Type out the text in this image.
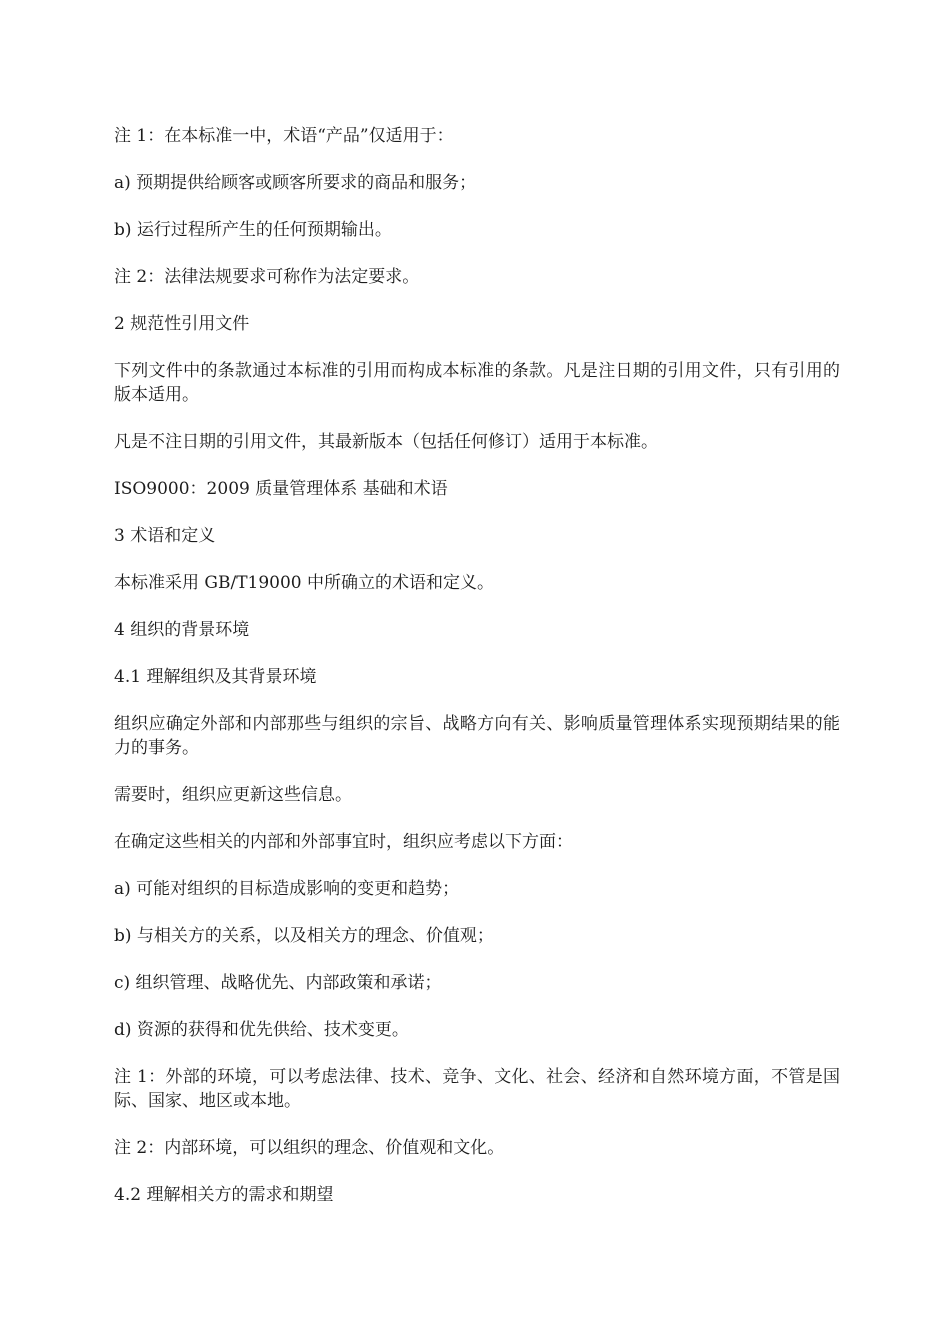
注 1：在本标准一中，术语“产品”仅适用于：

a) 预期提供给顾客或顾客所要求的商品和服务；

b) 运行过程所产生的任何预期输出。

注 2：法律法规要求可称作为法定要求。

2 规范性引用文件

下列文件中的条款通过本标准的引用而构成本标准的条款。凡是注日期的引用文件，只有引用的版本适用。

凡是不注日期的引用文件，其最新版本（包括任何修订）适用于本标准。

ISO9000：2009 质量管理体系 基础和术语

3 术语和定义

本标准采用 GB/T19000 中所确立的术语和定义。

4 组织的背景环境

4.1 理解组织及其背景环境

组织应确定外部和内部那些与组织的宗旨、战略方向有关、影响质量管理体系实现预期结果的能力的事务。

需要时，组织应更新这些信息。

在确定这些相关的内部和外部事宜时，组织应考虑以下方面：

a) 可能对组织的目标造成影响的变更和趋势；

b) 与相关方的关系，以及相关方的理念、价值观；

c) 组织管理、战略优先、内部政策和承诺；

d) 资源的获得和优先供给、技术变更。

注 1：外部的环境，可以考虑法律、技术、竞争、文化、社会、经济和自然环境方面，不管是国际、国家、地区或本地。

注 2：内部环境，可以组织的理念、价值观和文化。

4.2 理解相关方的需求和期望
